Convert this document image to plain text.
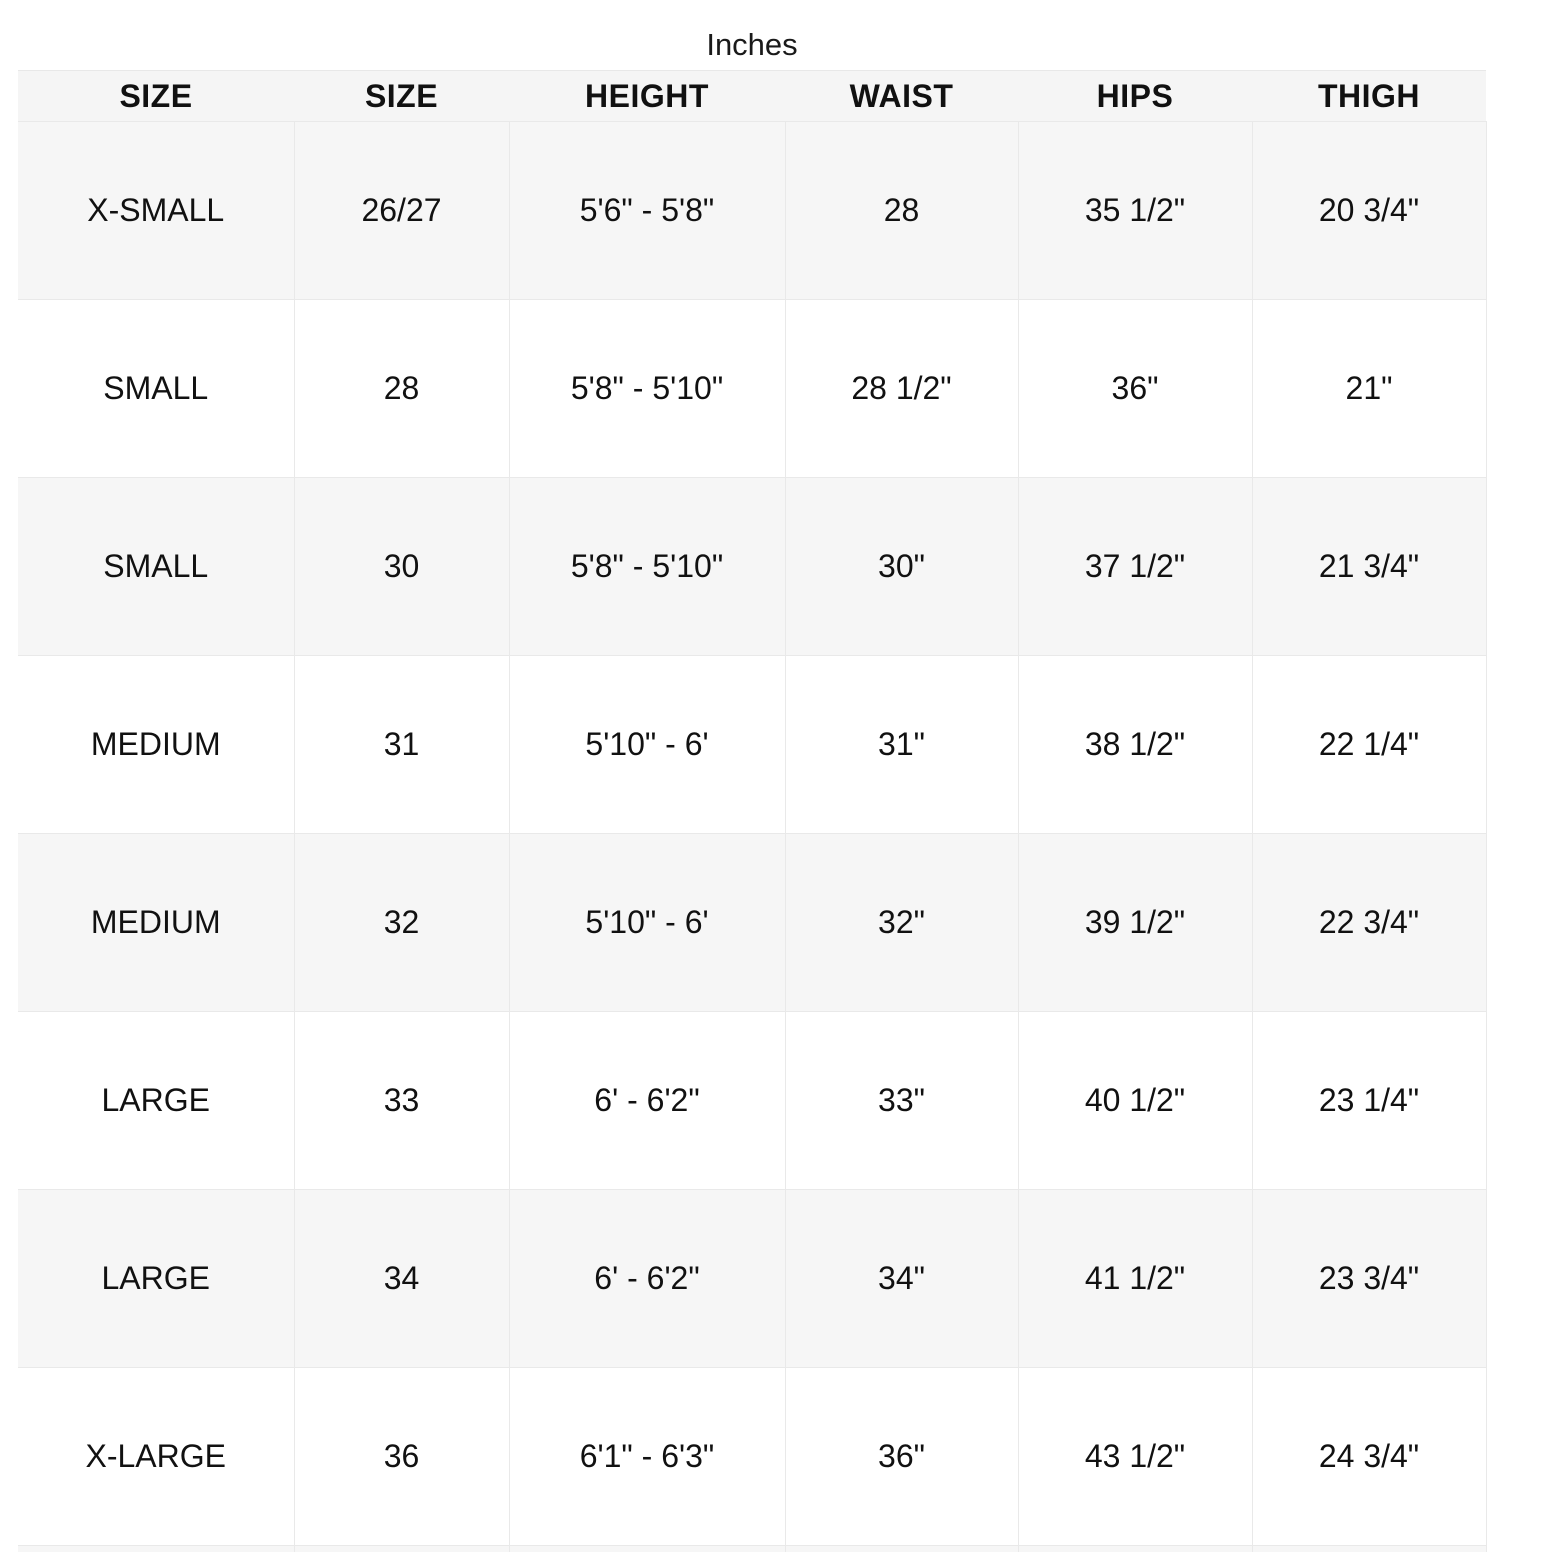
Inches
SIZE	SIZE	HEIGHT	WAIST	HIPS	THIGH
X-SMALL	26/27	5'6" - 5'8"	28	35 1/2"	20 3/4"
SMALL	28	5'8" - 5'10"	28 1/2"	36"	21"
SMALL	30	5'8" - 5'10"	30"	37 1/2"	21 3/4"
MEDIUM	31	5'10" - 6'	31"	38 1/2"	22 1/4"
MEDIUM	32	5'10" - 6'	32"	39 1/2"	22 3/4"
LARGE	33	6' - 6'2"	33"	40 1/2"	23 1/4"
LARGE	34	6' - 6'2"	34"	41 1/2"	23 3/4"
X-LARGE	36	6'1" - 6'3"	36"	43 1/2"	24 3/4"
